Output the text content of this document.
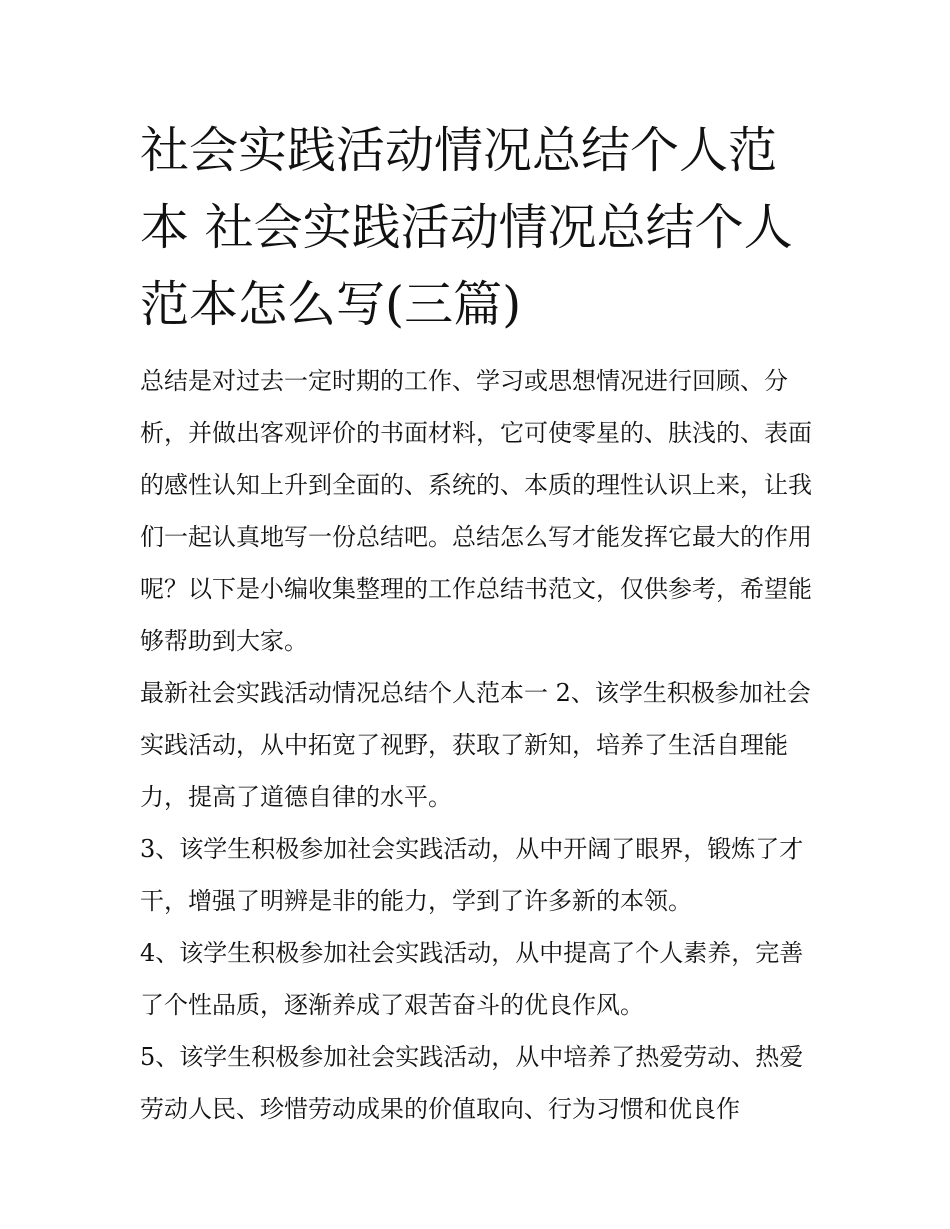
社会实践活动情况总结个人范本 社会实践活动情况总结个人范本怎么写(三篇)

总结是对过去一定时期的工作、学习或思想情况进行回顾、分析，并做出客观评价的书面材料，它可使零星的、肤浅的、表面的感性认知上升到全面的、系统的、本质的理性认识上来，让我们一起认真地写一份总结吧。总结怎么写才能发挥它最大的作用呢？以下是小编收集整理的工作总结书范文，仅供参考，希望能够帮助到大家。

最新社会实践活动情况总结个人范本一 2、该学生积极参加社会实践活动，从中拓宽了视野，获取了新知，培养了生活自理能力，提高了道德自律的水平。

3、该学生积极参加社会实践活动，从中开阔了眼界，锻炼了才干，增强了明辨是非的能力，学到了许多新的本领。

4、该学生积极参加社会实践活动，从中提高了个人素养，完善了个性品质，逐渐养成了艰苦奋斗的优良作风。

5、该学生积极参加社会实践活动，从中培养了热爱劳动、热爱劳动人民、珍惜劳动成果的价值取向、行为习惯和优良作
